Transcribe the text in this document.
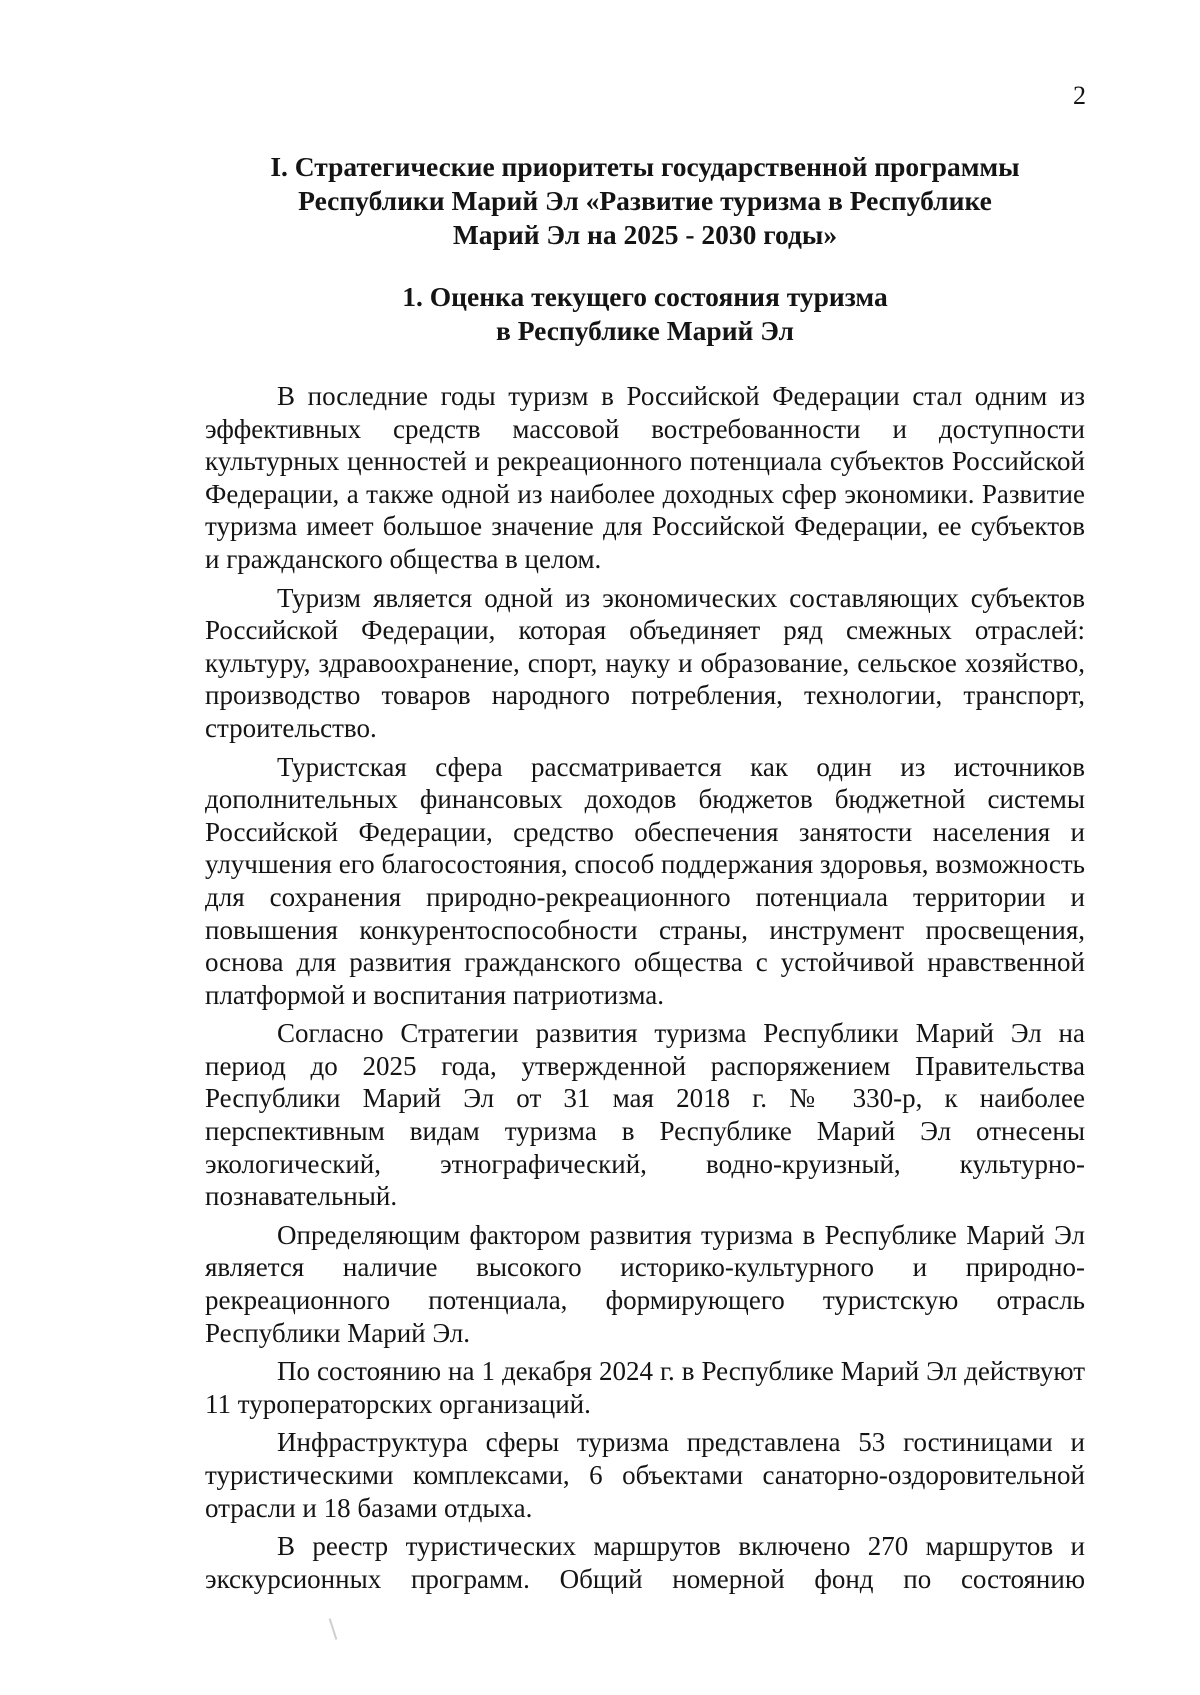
2
I. Стратегические приоритеты государственной программы
Республики Марий Эл «Развитие туризма в Республике
Марий Эл на 2025 - 2030 годы»
1. Оценка текущего состояния туризма
в Республике Марий Эл

В последние годы туризм в Российской Федерации стал одним из эффективных средств массовой востребованности и доступности культурных ценностей и рекреационного потенциала субъектов Российской Федерации, а также одной из наиболее доходных сфер экономики. Развитие туризма имеет большое значение для Российской Федерации, ее субъектов и гражданского общества в целом.

Туризм является одной из экономических составляющих субъектов Российской Федерации, которая объединяет ряд смежных отраслей: культуру, здравоохранение, спорт, науку и образование, сельское хозяйство, производство товаров народного потребления, технологии, транспорт, строительство.

Туристская сфера рассматривается как один из источников дополнительных финансовых доходов бюджетов бюджетной системы Российской Федерации, средство обеспечения занятости населения и улучшения его благосостояния, способ поддержания здоровья, возможность для сохранения природно-рекреационного потенциала территории и повышения конкурентоспособности страны, инструмент просвещения, основа для развития гражданского общества с устойчивой нравственной платформой и воспитания патриотизма.

Согласно Стратегии развития туризма Республики Марий Эл на период до 2025 года, утвержденной распоряжением Правительства Республики Марий Эл от 31 мая 2018 г. № 330-р, к наиболее перспективным видам туризма в Республике Марий Эл отнесены экологический, этнографический, водно-круизный, культурно-познавательный.

Определяющим фактором развития туризма в Республике Марий Эл является наличие высокого историко-культурного и природно-рекреационного потенциала, формирующего туристскую отрасль Республики Марий Эл.

По состоянию на 1 декабря 2024 г. в Республике Марий Эл действуют 11 туроператорских организаций.

Инфраструктура сферы туризма представлена 53 гостиницами и туристическими комплексами, 6 объектами санаторно-оздоровительной отрасли и 18 базами отдыха.

В реестр туристических маршрутов включено 270 маршрутов и экскурсионных программ. Общий номерной фонд по состоянию
